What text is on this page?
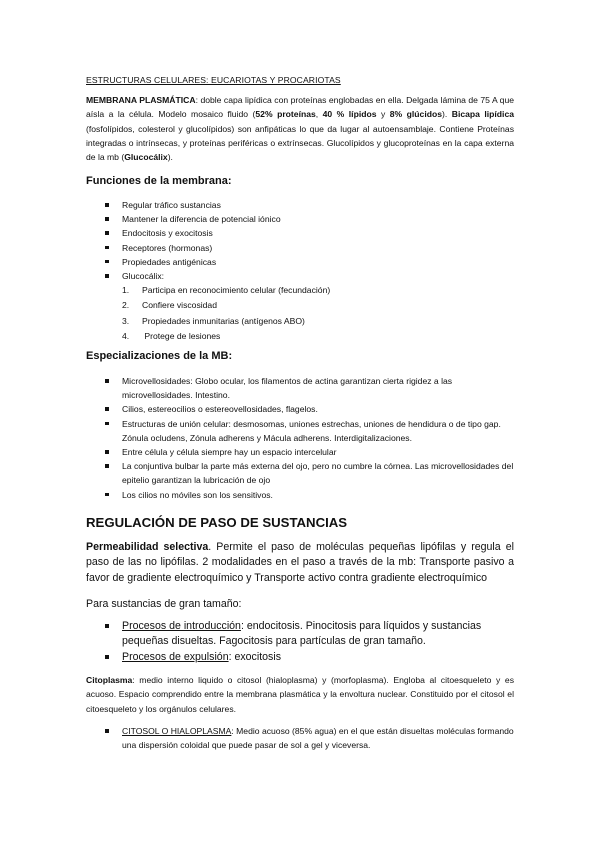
ESTRUCTURAS CELULARES: EUCARIOTAS Y PROCARIOTAS

MEMBRANA PLASMÁTICA: doble capa lipídica con proteínas englobadas en ella. Delgada lámina de 75 A que aísla a la célula. Modelo mosaico fluido (52% proteínas, 40 % lípidos y 8% glúcidos). Bicapa lipídica (fosfolípidos, colesterol y glucolípidos) son anfipáticas lo que da lugar al autoensamblaje. Contiene Proteínas integradas o intrínsecas, y proteínas periféricas o extrínsecas. Glucolípidos y glucoproteínas en la capa externa de la mb (Glucocálix).

Funciones de la membrana:
Regular tráfico sustancias
Mantener la diferencia de potencial iónico
Endocitosis y exocitosis
Receptores (hormonas)
Propiedades antigénicas
Glucocálix:
1. Participa en reconocimiento celular (fecundación)
2. Confiere viscosidad
3. Propiedades inmunitarias (antígenos ABO)
4. Protege de lesiones
Especializaciones de la MB:
Microvellosidades: Globo ocular, los filamentos de actina garantizan cierta rigidez a las microvellosidades. Intestino.
Cilios, estereocilios o estereovellosidades, flagelos.
Estructuras de unión celular: desmosomas, uniones estrechas, uniones de hendidura o de tipo gap. Zónula ocludens, Zónula adherens y Mácula adherens. Interdigitalizaciones.
Entre célula y célula siempre hay un espacio intercelular
La conjuntiva bulbar la parte más externa del ojo, pero no cumbre la córnea. Las microvellosidades del epitelio garantizan la lubricación de ojo
Los cilios no móviles son los sensitivos.
REGULACIÓN DE PASO DE SUSTANCIAS

Permeabilidad selectiva. Permite el paso de moléculas pequeñas lipófilas y regula el paso de las no lipófilas. 2 modalidades en el paso a través de la mb: Transporte pasivo a favor de gradiente electroquímico y Transporte activo contra gradiente electroquímico

Para sustancias de gran tamaño:

Procesos de introducción: endocitosis. Pinocitosis para líquidos y sustancias pequeñas disueltas. Fagocitosis para partículas de gran tamaño.
Procesos de expulsión: exocitosis

Citoplasma: medio interno liquido o citosol (hialoplasma) y (morfoplasma). Engloba al citoesqueleto y es acuoso. Espacio comprendido entre la membrana plasmática y la envoltura nuclear. Constituido por el citosol el citoesqueleto y los orgánulos celulares.

CITOSOL O HIALOPLASMA: Medio acuoso (85% agua) en el que están disueltas moléculas formando una dispersión coloidal que puede pasar de sol a gel y viceversa.
